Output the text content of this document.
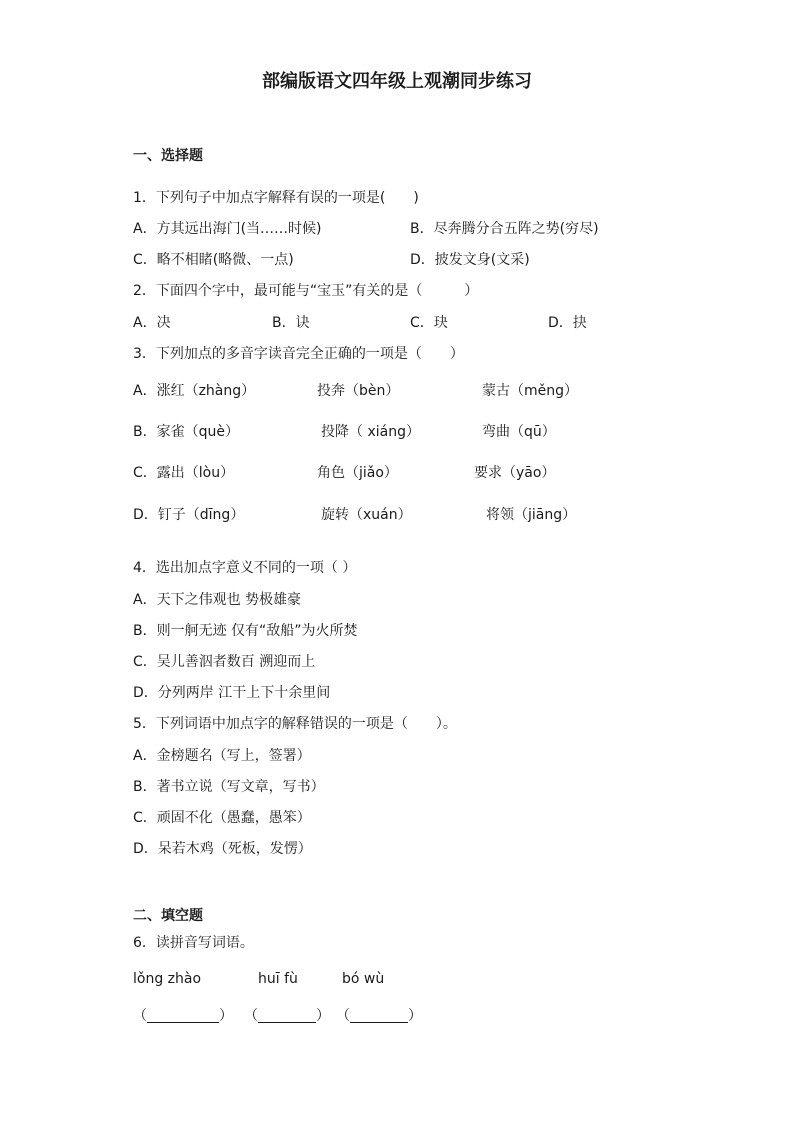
部编版语文四年级上观潮同步练习
一、选择题
1．下列句子中加点字解释有误的一项是(　　)
A．方其远出海门(当……时候)	B．尽奔腾分合五阵之势(穷尽)
C．略不相睹(略微、一点)	D．披发文身(文采)
2．下面四个字中，最可能与“宝玉”有关的是（　　　）
A．决	B．诀	C．玦	D．抉
3．下列加点的多音字读音完全正确的一项是（　　）
A．涨红（zhàng）	投奔（bèn）	蒙古（měng）
B．家雀（què）	投降（ xiáng）	弯曲（qū）
C．露出（lòu）	角色（jiǎo）	要求（yāo）
D．钉子（dīng）	旋转（xuán）	将领（jiāng）
4．选出加点字意义不同的一项（ ）
A．天下之伟观也 势极雄豪
B．则一舸无迹 仅有“敌船”为火所焚
C．吴儿善泅者数百 溯迎而上
D．分列两岸 江干上下十余里间
5．下列词语中加点字的解释错误的一项是（　　）。
A．金榜题名（写上，签署）
B．著书立说（写文章，写书）
C．顽固不化（愚蠢，愚笨）
D．呆若木鸡（死板，发愣）
二、填空题
6．读拼音写词语。
lǒng zhào	huī fù	bó wù
（	） （	） （	）
